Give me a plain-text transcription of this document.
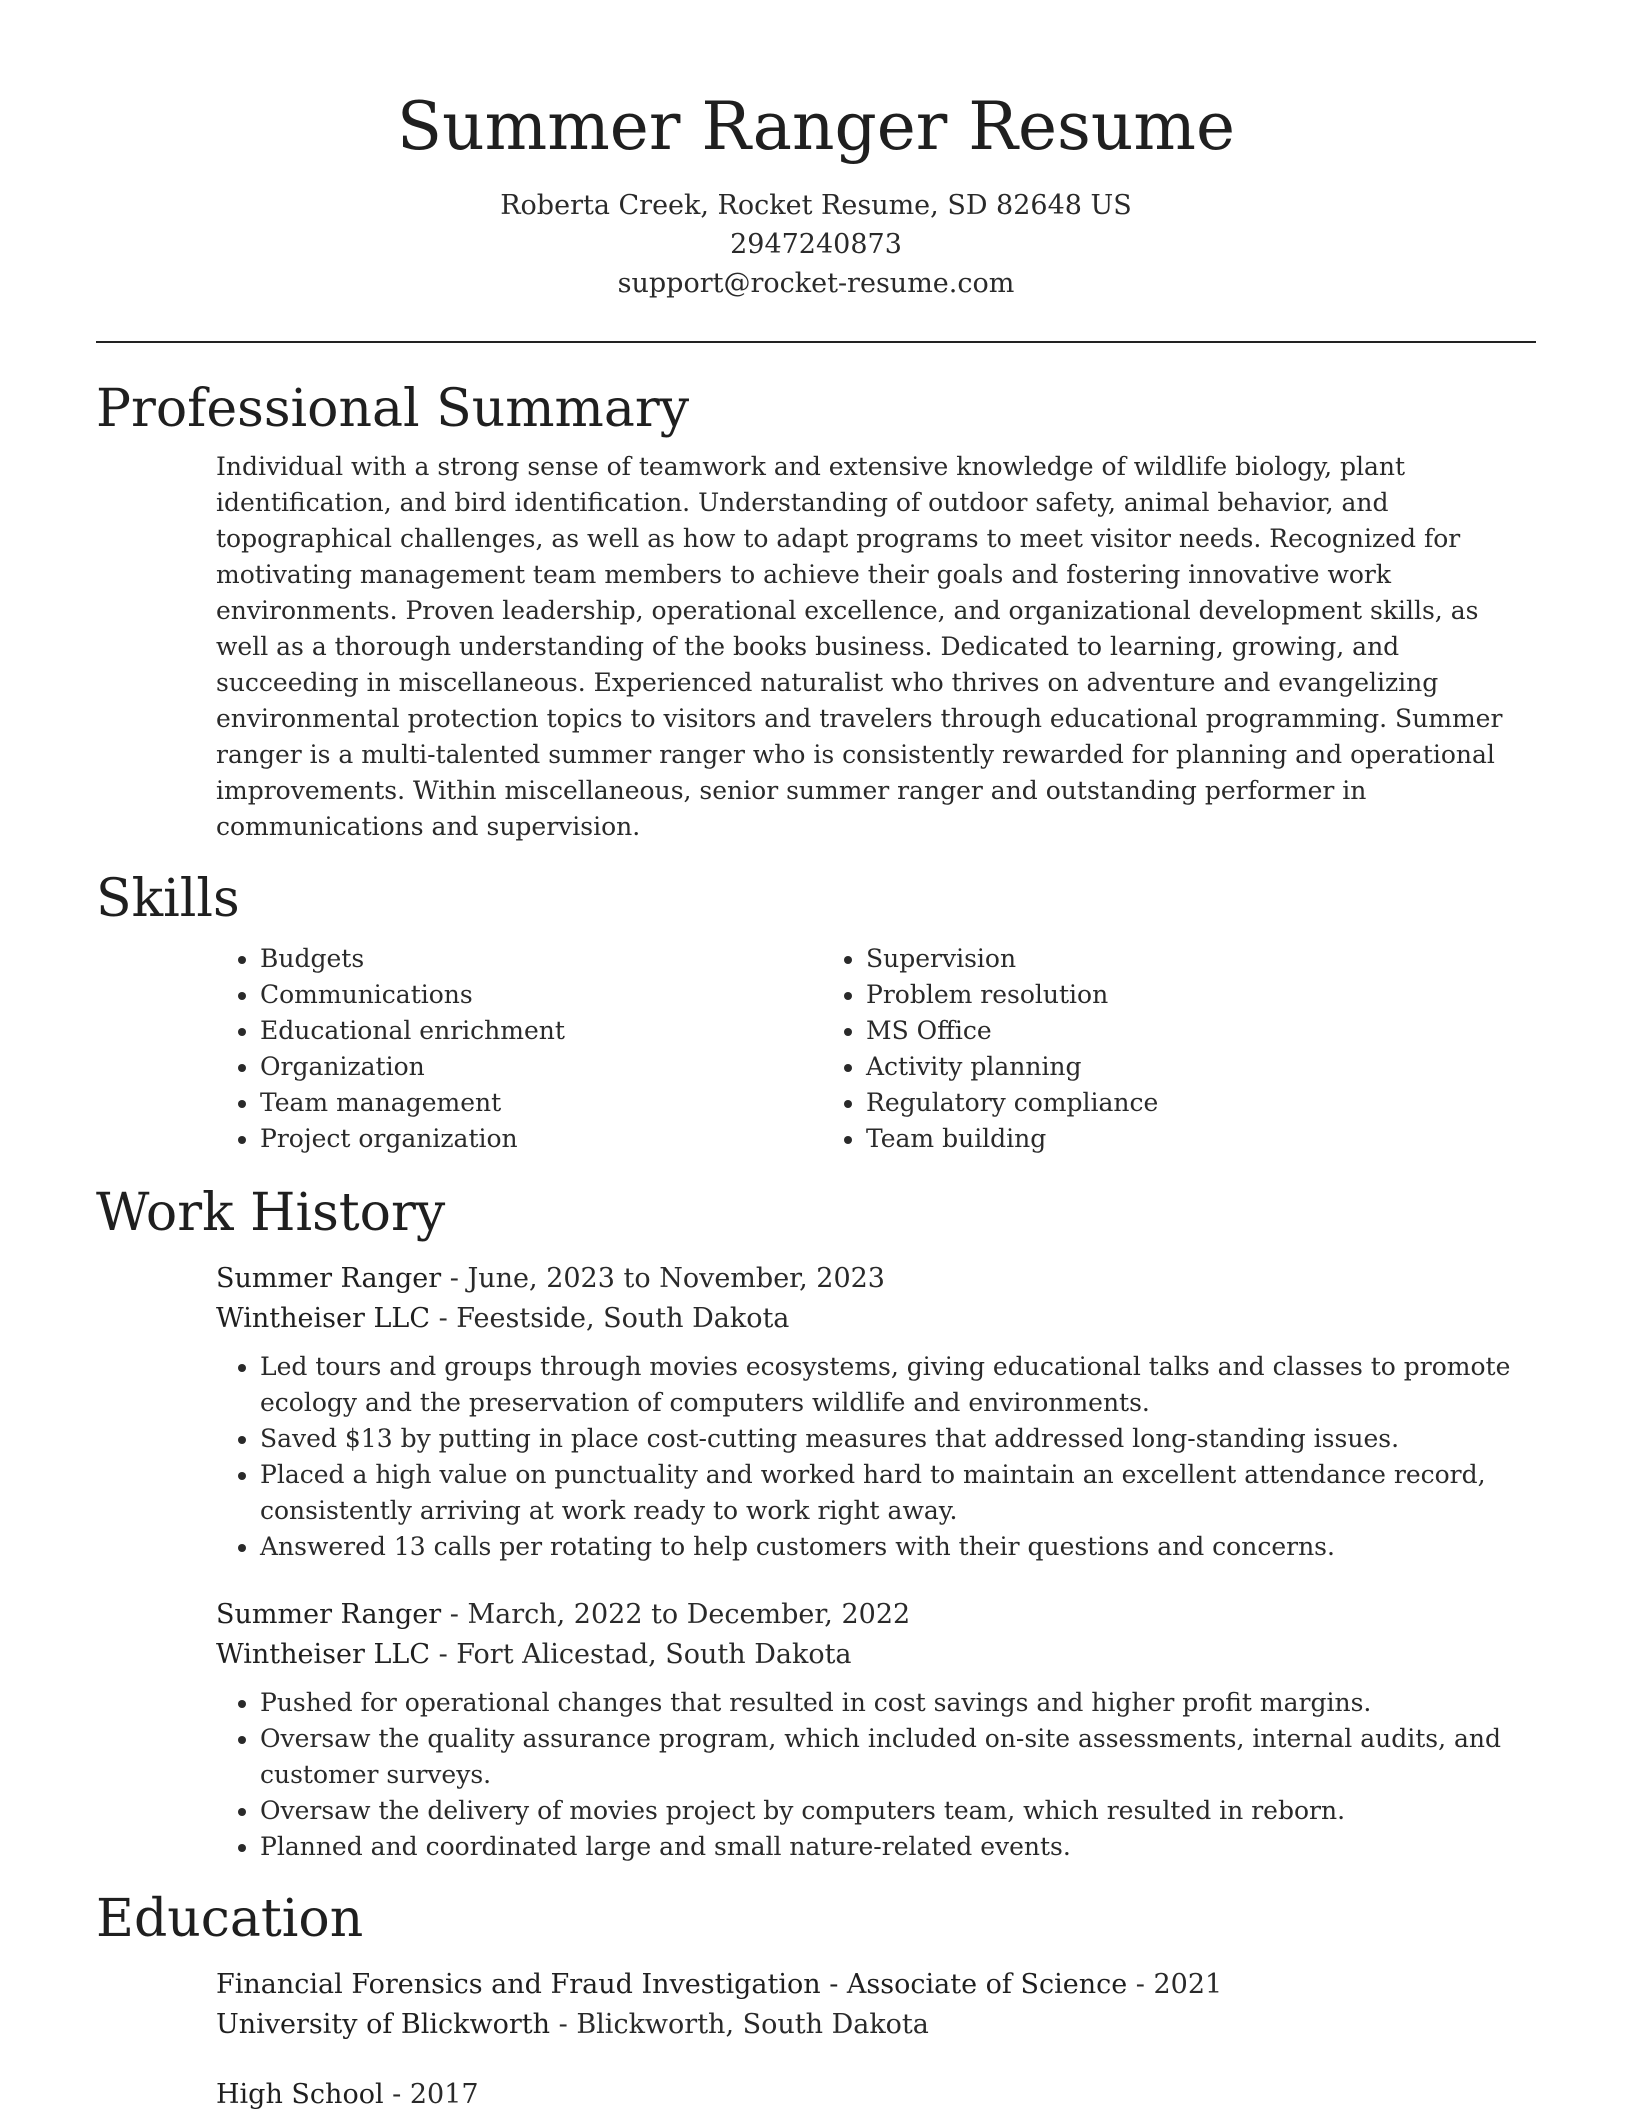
Summer Ranger Resume

Roberta Creek, Rocket Resume, SD 82648 US

2947240873

support@rocket-resume.com

Professional Summary

Individual with a strong sense of teamwork and extensive knowledge of wildlife biology, plant identification, and bird identification. Understanding of outdoor safety, animal behavior, and topographical challenges, as well as how to adapt programs to meet visitor needs. Recognized for motivating management team members to achieve their goals and fostering innovative work environments. Proven leadership, operational excellence, and organizational development skills, as well as a thorough understanding of the books business. Dedicated to learning, growing, and succeeding in miscellaneous. Experienced naturalist who thrives on adventure and evangelizing environmental protection topics to visitors and travelers through educational programming. Summer ranger is a multi-talented summer ranger who is consistently rewarded for planning and operational improvements. Within miscellaneous, senior summer ranger and outstanding performer in communications and supervision.

Skills
• Budgets
• Communications
• Educational enrichment
• Organization
• Team management
• Project organization
• Supervision
• Problem resolution
• MS Office
• Activity planning
• Regulatory compliance
• Team building
Work History

Summer Ranger - June, 2023 to November, 2023

Wintheiser LLC - Feestside, South Dakota

• Led tours and groups through movies ecosystems, giving educational talks and classes to promote ecology and the preservation of computers wildlife and environments.
• Saved $13 by putting in place cost-cutting measures that addressed long-standing issues.
• Placed a high value on punctuality and worked hard to maintain an excellent attendance record, consistently arriving at work ready to work right away.
• Answered 13 calls per rotating to help customers with their questions and concerns.

Summer Ranger - March, 2022 to December, 2022

Wintheiser LLC - Fort Alicestad, South Dakota

• Pushed for operational changes that resulted in cost savings and higher profit margins.
• Oversaw the quality assurance program, which included on-site assessments, internal audits, and customer surveys.
• Oversaw the delivery of movies project by computers team, which resulted in reborn.
• Planned and coordinated large and small nature-related events.
Education

Financial Forensics and Fraud Investigation - Associate of Science - 2021

University of Blickworth - Blickworth, South Dakota

High School - 2017
